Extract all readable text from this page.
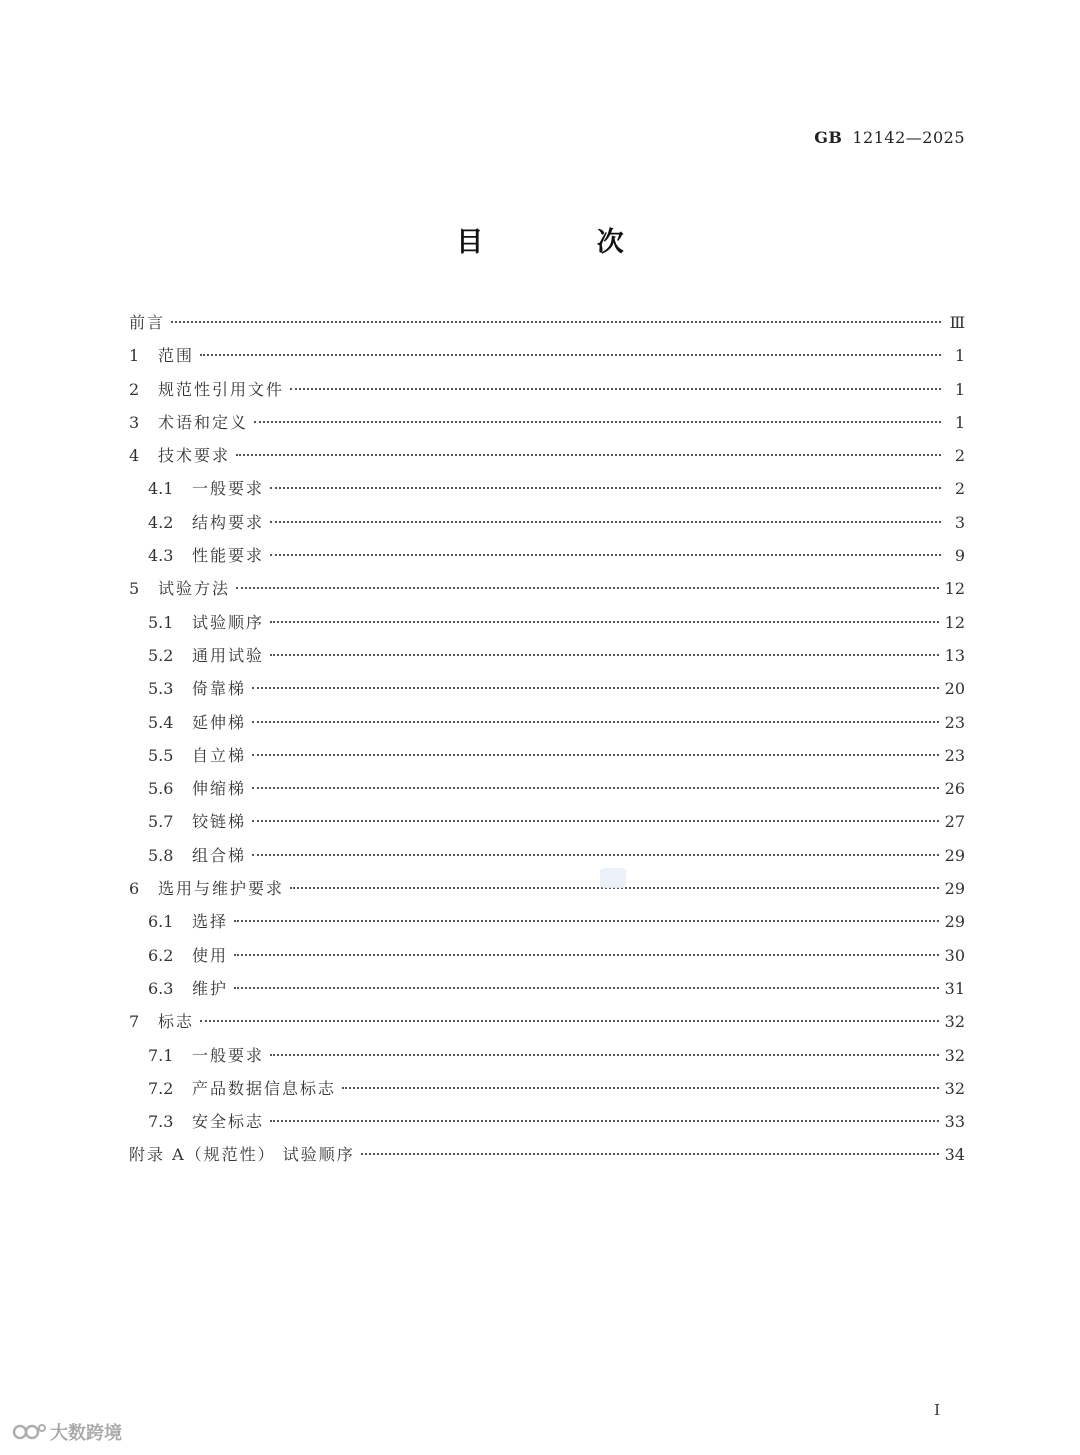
GB 12142—2025
目 次
前言	Ⅲ
1	范围	1
2	规范性引用文件	1
3	术语和定义	1
4	技术要求	2
4.1	一般要求	2
4.2	结构要求	3
4.3	性能要求	9
5	试验方法	12
5.1	试验顺序	12
5.2	通用试验	13
5.3	倚靠梯	20
5.4	延伸梯	23
5.5	自立梯	23
5.6	伸缩梯	26
5.7	铰链梯	27
5.8	组合梯	29
6	选用与维护要求	29
6.1	选择	29
6.2	使用	30
6.3	维护	31
7	标志	32
7.1	一般要求	32
7.2	产品数据信息标志	32
7.3	安全标志	33
附录 A（规范性） 试验顺序	34
Ⅰ
大数跨境
